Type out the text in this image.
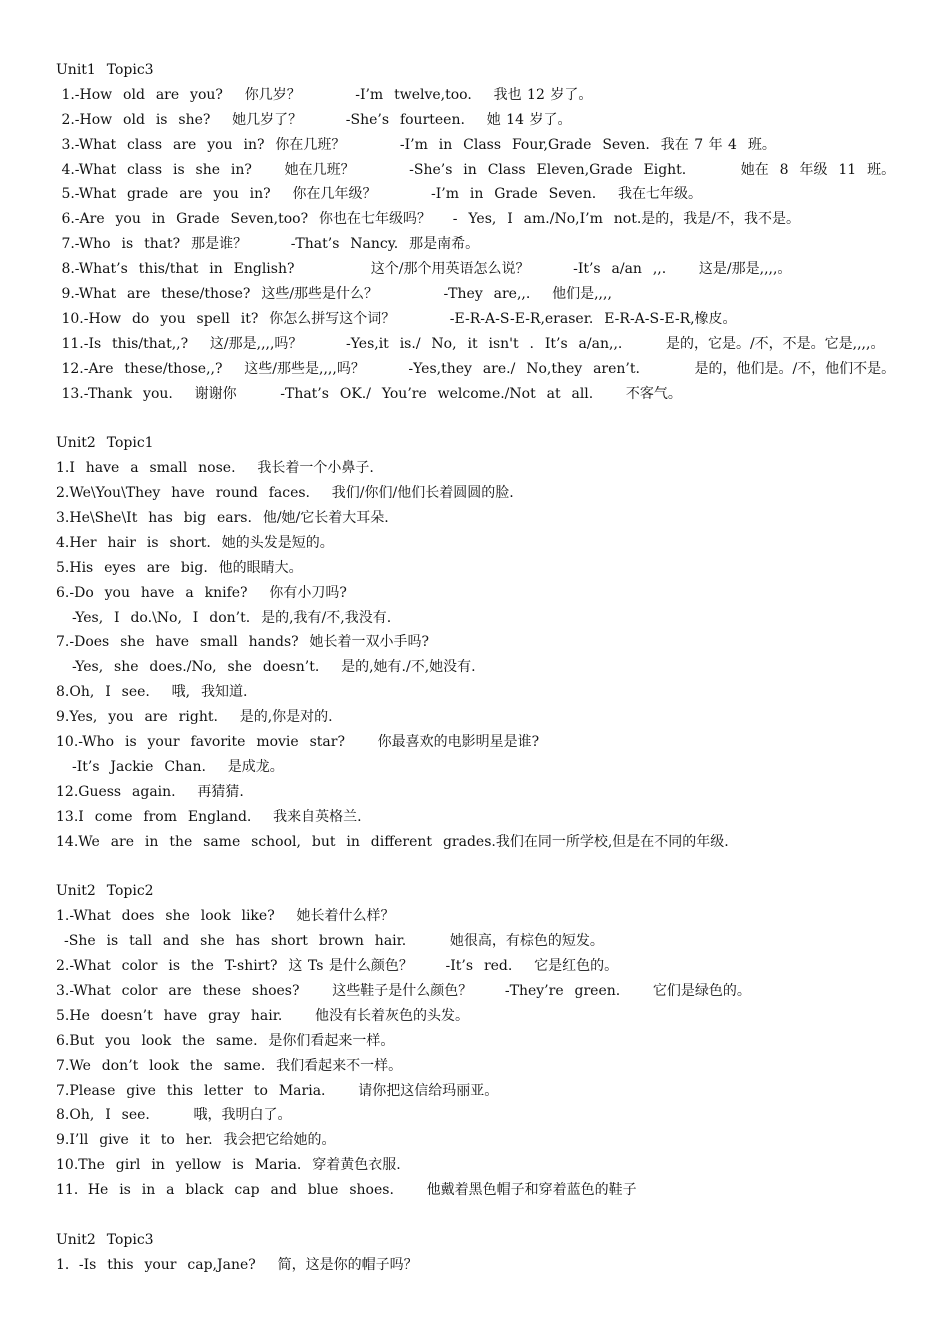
Unit1  Topic3
1.-How  old  are  you?    你几岁？          -I’m  twelve,too.    我也 12 岁了。
2.-How  old  is  she?    她几岁了？        -She’s  fourteen.    她 14 岁了。
3.-What  class  are  you  in?  你在几班？          -I’m  in  Class  Four,Grade  Seven.  我在 7 年 4  班。
4.-What  class  is  she  in?      她在几班？          -She’s  in  Class  Eleven,Grade  Eight.          她在  8  年级  11  班。
5.-What  grade  are  you  in?    你在几年级？          -I’m  in  Grade  Seven.    我在七年级。
6.-Are  you  in  Grade  Seven,too?  你也在七年级吗？    -  Yes,  I  am./No,I’m  not.是的，我是/不，我不是。
7.-Who  is  that?  那是谁？        -That’s  Nancy.  那是南希。
8.-What’s  this/that  in  English?              这个/那个用英语怎么说？        -It’s  a/an  ,,.      这是/那是,,,,。
9.-What  are  these/those?  这些/那些是什么？            -They  are,,.    他们是,,,,
10.-How  do  you  spell  it?  你怎么拼写这个词？          -E-R-A-S-E-R,eraser.  E-R-A-S-E-R,橡皮。
11.-Is  this/that,,?    这/那是,,,,吗？        -Yes,it  is./  No,  it  isn't  .  It’s  a/an,,.        是的，它是。/不，不是。它是,,,,。
12.-Are  these/those,,?    这些/那些是,,,,吗？        -Yes,they  are./  No,they  aren’t.          是的，他们是。/不，他们不是。
13.-Thank  you.    谢谢你        -That’s  OK./  You’re  welcome./Not  at  all.      不客气。
Unit2  Topic1
1.I  have  a  small  nose.    我长着一个小鼻子.
2.We\You\They  have  round  faces.    我们/你们/他们长着圆圆的脸.
3.He\She\It  has  big  ears.  他/她/它长着大耳朵.
4.Her  hair  is  short.  她的头发是短的。
5.His  eyes  are  big.  他的眼睛大。
6.-Do  you  have  a  knife?    你有小刀吗?
-Yes,  I  do.\No,  I  don’t.  是的,我有/不,我没有.
7.-Does  she  have  small  hands?  她长着一双小手吗?
-Yes,  she  does./No,  she  doesn’t.    是的,她有./不,她没有.
8.Oh,  I  see.    哦,  我知道.
9.Yes,  you  are  right.    是的,你是对的.
10.-Who  is  your  favorite  movie  star?      你最喜欢的电影明星是谁?
-It’s  Jackie  Chan.    是成龙。
12.Guess  again.    再猜猜.
13.I  come  from  England.    我来自英格兰.
14.We  are  in  the  same  school,  but  in  different  grades.我们在同一所学校,但是在不同的年级.
Unit2  Topic2
1.-What  does  she  look  like?    她长着什么样？
-She  is  tall  and  she  has  short  brown  hair.        她很高，有棕色的短发。
2.-What  color  is  the  T-shirt?  这 Ts 是什么颜色？      -It’s  red.    它是红色的。
3.-What  color  are  these  shoes?      这些鞋子是什么颜色？      -They’re  green.      它们是绿色的。
5.He  doesn’t  have  gray  hair.      他没有长着灰色的头发。
6.But  you  look  the  same.  是你们看起来一样。
7.We  don’t  look  the  same.  我们看起来不一样。
7.Please  give  this  letter  to  Maria.      请你把这信给玛丽亚。
8.Oh,  I  see.        哦，我明白了。
9.I’ll  give  it  to  her.  我会把它给她的。
10.The  girl  in  yellow  is  Maria.  穿着黄色衣服.
11．He  is  in  a  black  cap  and  blue  shoes.      他戴着黑色帽子和穿着蓝色的鞋子
Unit2  Topic3
1．-Is  this  your  cap,Jane?    简，这是你的帽子吗？
